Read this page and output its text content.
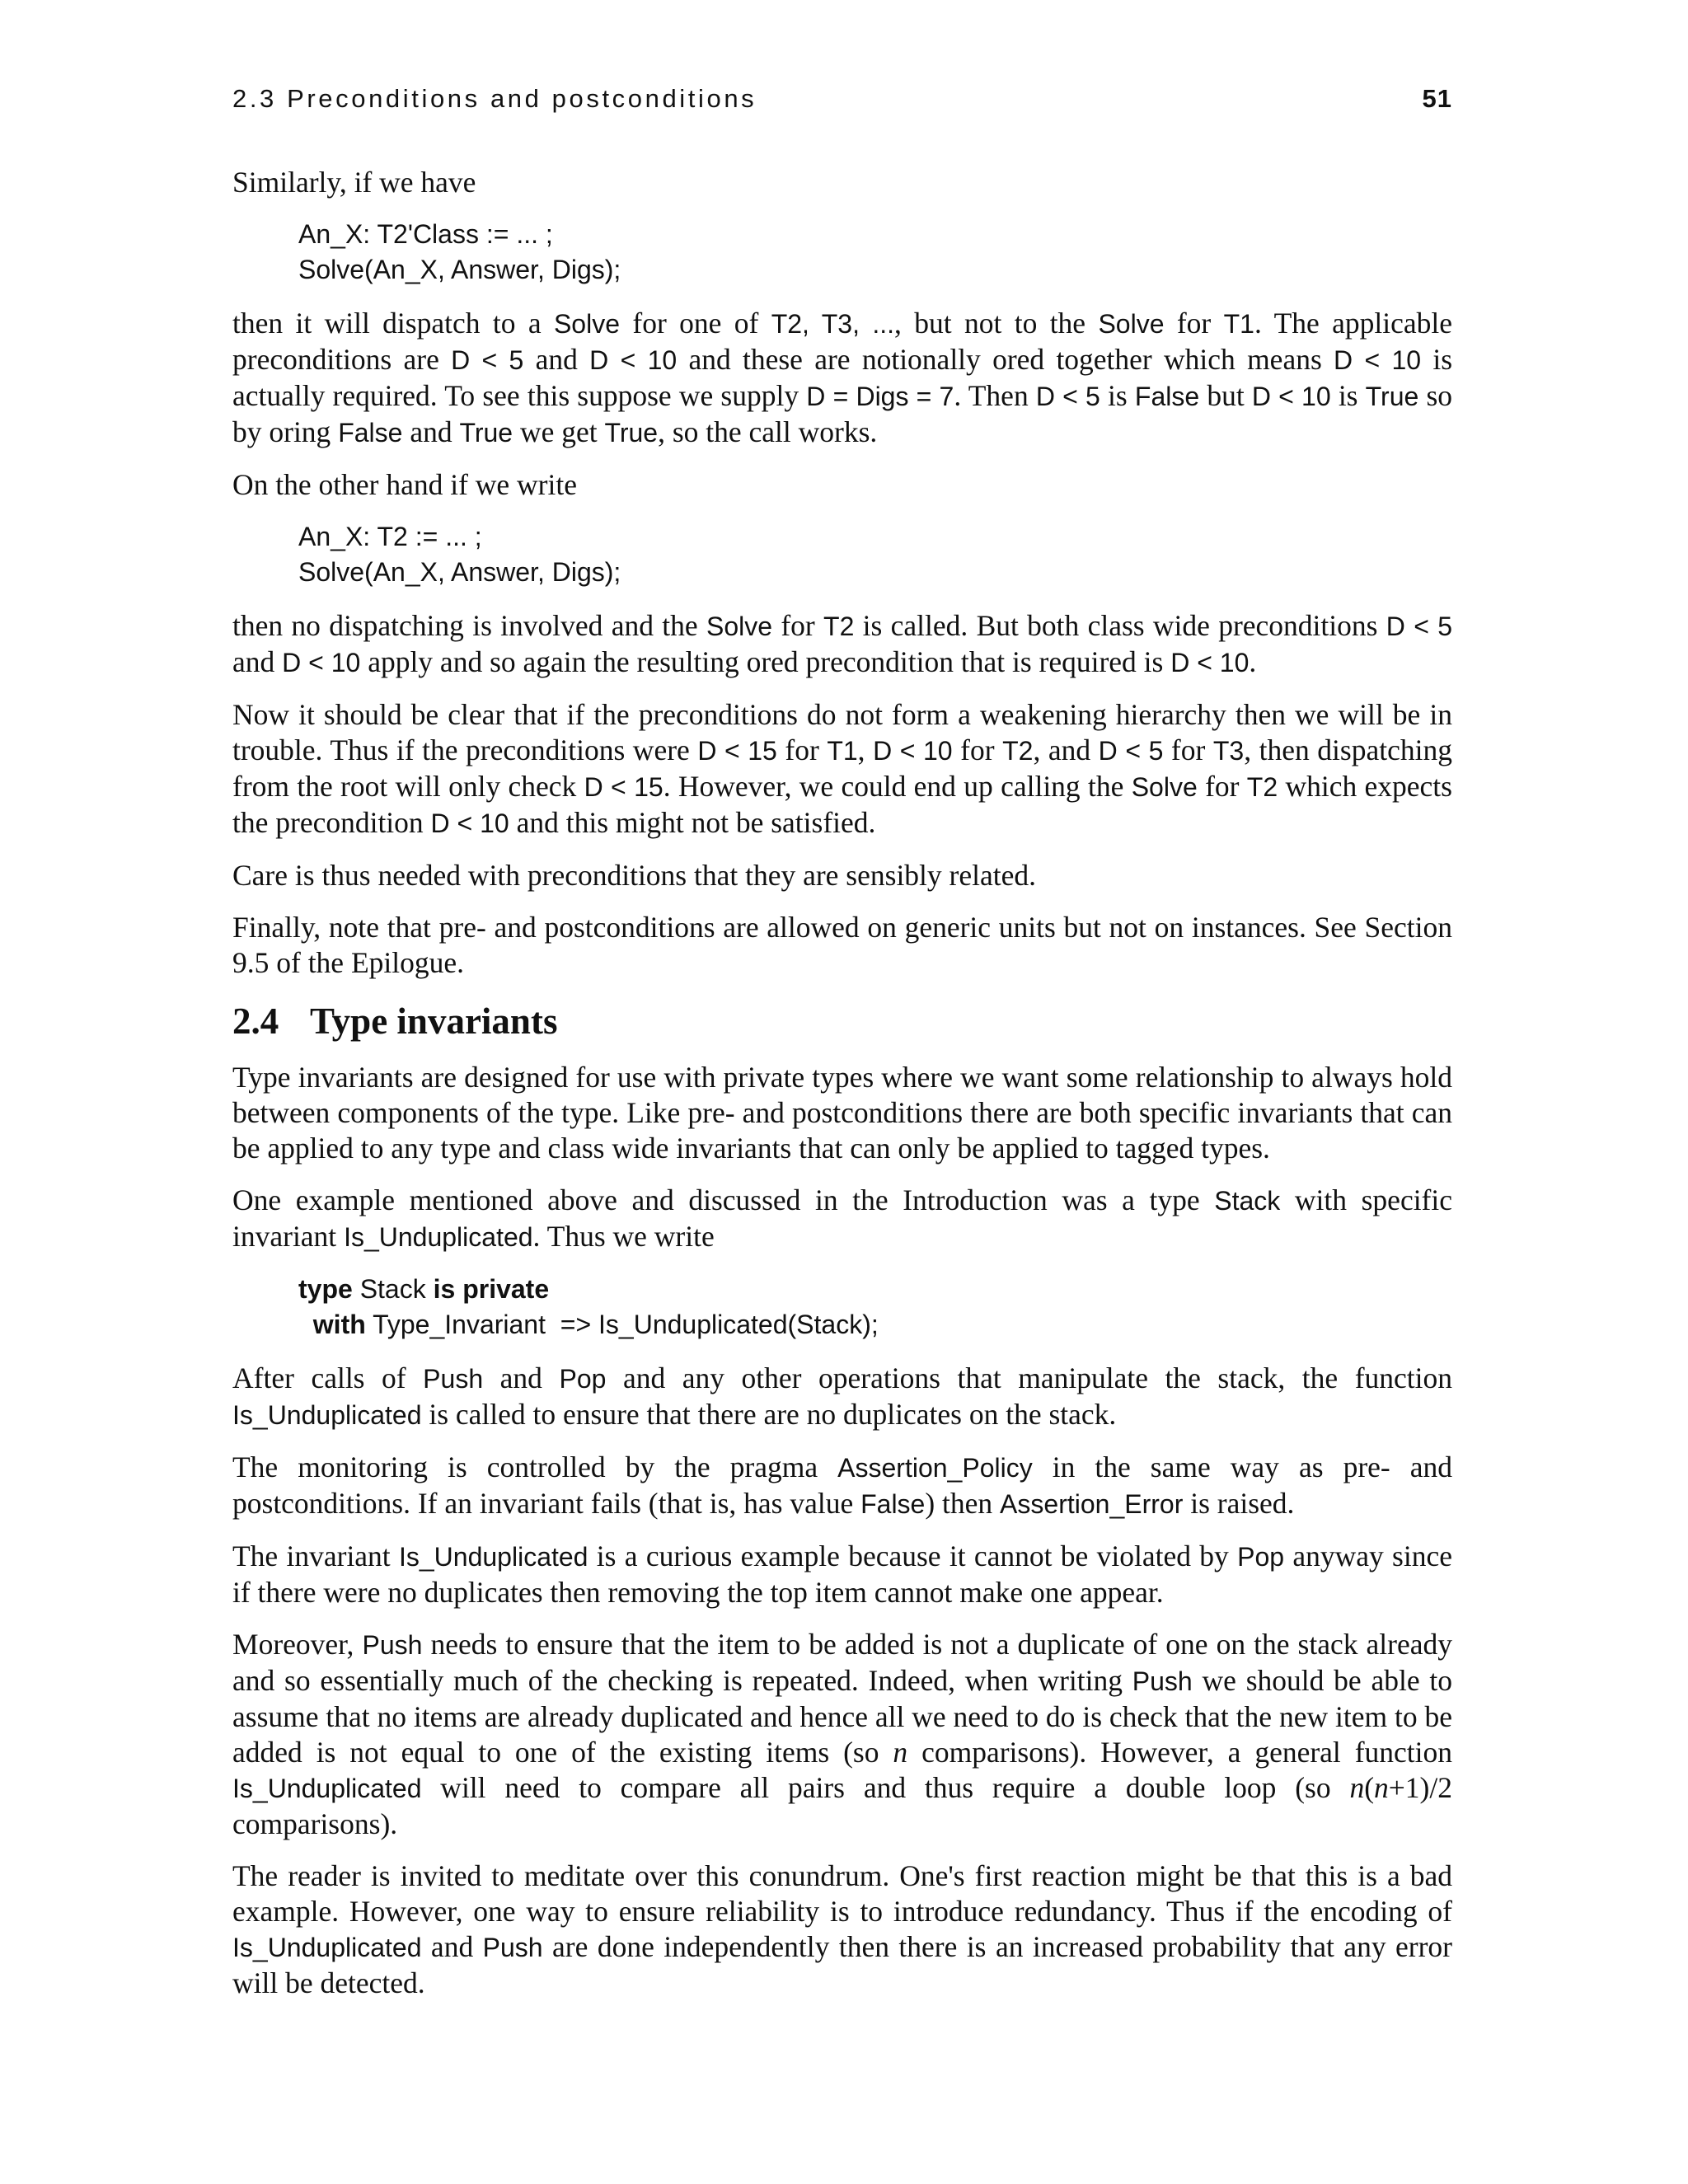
2.3 Preconditions and postconditions	51

Similarly, if we have

An_X: T2'Class := ... ;
Solve(An_X, Answer, Digs);

then it will dispatch to a Solve for one of T2, T3, ..., but not to the Solve for T1. The applicable preconditions are D < 5 and D < 10 and these are notionally ored together which means D < 10 is actually required. To see this suppose we supply D = Digs = 7. Then D < 5 is False but D < 10 is True so by oring False and True we get True, so the call works.

On the other hand if we write

An_X: T2 := ... ;
Solve(An_X, Answer, Digs);

then no dispatching is involved and the Solve for T2 is called. But both class wide preconditions D < 5 and D < 10 apply and so again the resulting ored precondition that is required is D < 10.

Now it should be clear that if the preconditions do not form a weakening hierarchy then we will be in trouble. Thus if the preconditions were D < 15 for T1, D < 10 for T2, and D < 5 for T3, then dispatching from the root will only check D < 15. However, we could end up calling the Solve for T2 which expects the precondition D < 10 and this might not be satisfied.

Care is thus needed with preconditions that they are sensibly related.

Finally, note that pre- and postconditions are allowed on generic units but not on instances. See Section 9.5 of the Epilogue.

2.4 Type invariants

Type invariants are designed for use with private types where we want some relationship to always hold between components of the type. Like pre- and postconditions there are both specific invariants that can be applied to any type and class wide invariants that can only be applied to tagged types.

One example mentioned above and discussed in the Introduction was a type Stack with specific invariant Is_Unduplicated. Thus we write

type Stack is private
with Type_Invariant  => Is_Unduplicated(Stack);

After calls of Push and Pop and any other operations that manipulate the stack, the function Is_Unduplicated is called to ensure that there are no duplicates on the stack.

The monitoring is controlled by the pragma Assertion_Policy in the same way as pre- and postconditions. If an invariant fails (that is, has value False) then Assertion_Error is raised.

The invariant Is_Unduplicated is a curious example because it cannot be violated by Pop anyway since if there were no duplicates then removing the top item cannot make one appear.

Moreover, Push needs to ensure that the item to be added is not a duplicate of one on the stack already and so essentially much of the checking is repeated. Indeed, when writing Push we should be able to assume that no items are already duplicated and hence all we need to do is check that the new item to be added is not equal to one of the existing items (so n comparisons). However, a general function Is_Unduplicated will need to compare all pairs and thus require a double loop (so n(n+1)/2 comparisons).

The reader is invited to meditate over this conundrum. One's first reaction might be that this is a bad example. However, one way to ensure reliability is to introduce redundancy. Thus if the encoding of Is_Unduplicated and Push are done independently then there is an increased probability that any error will be detected.
